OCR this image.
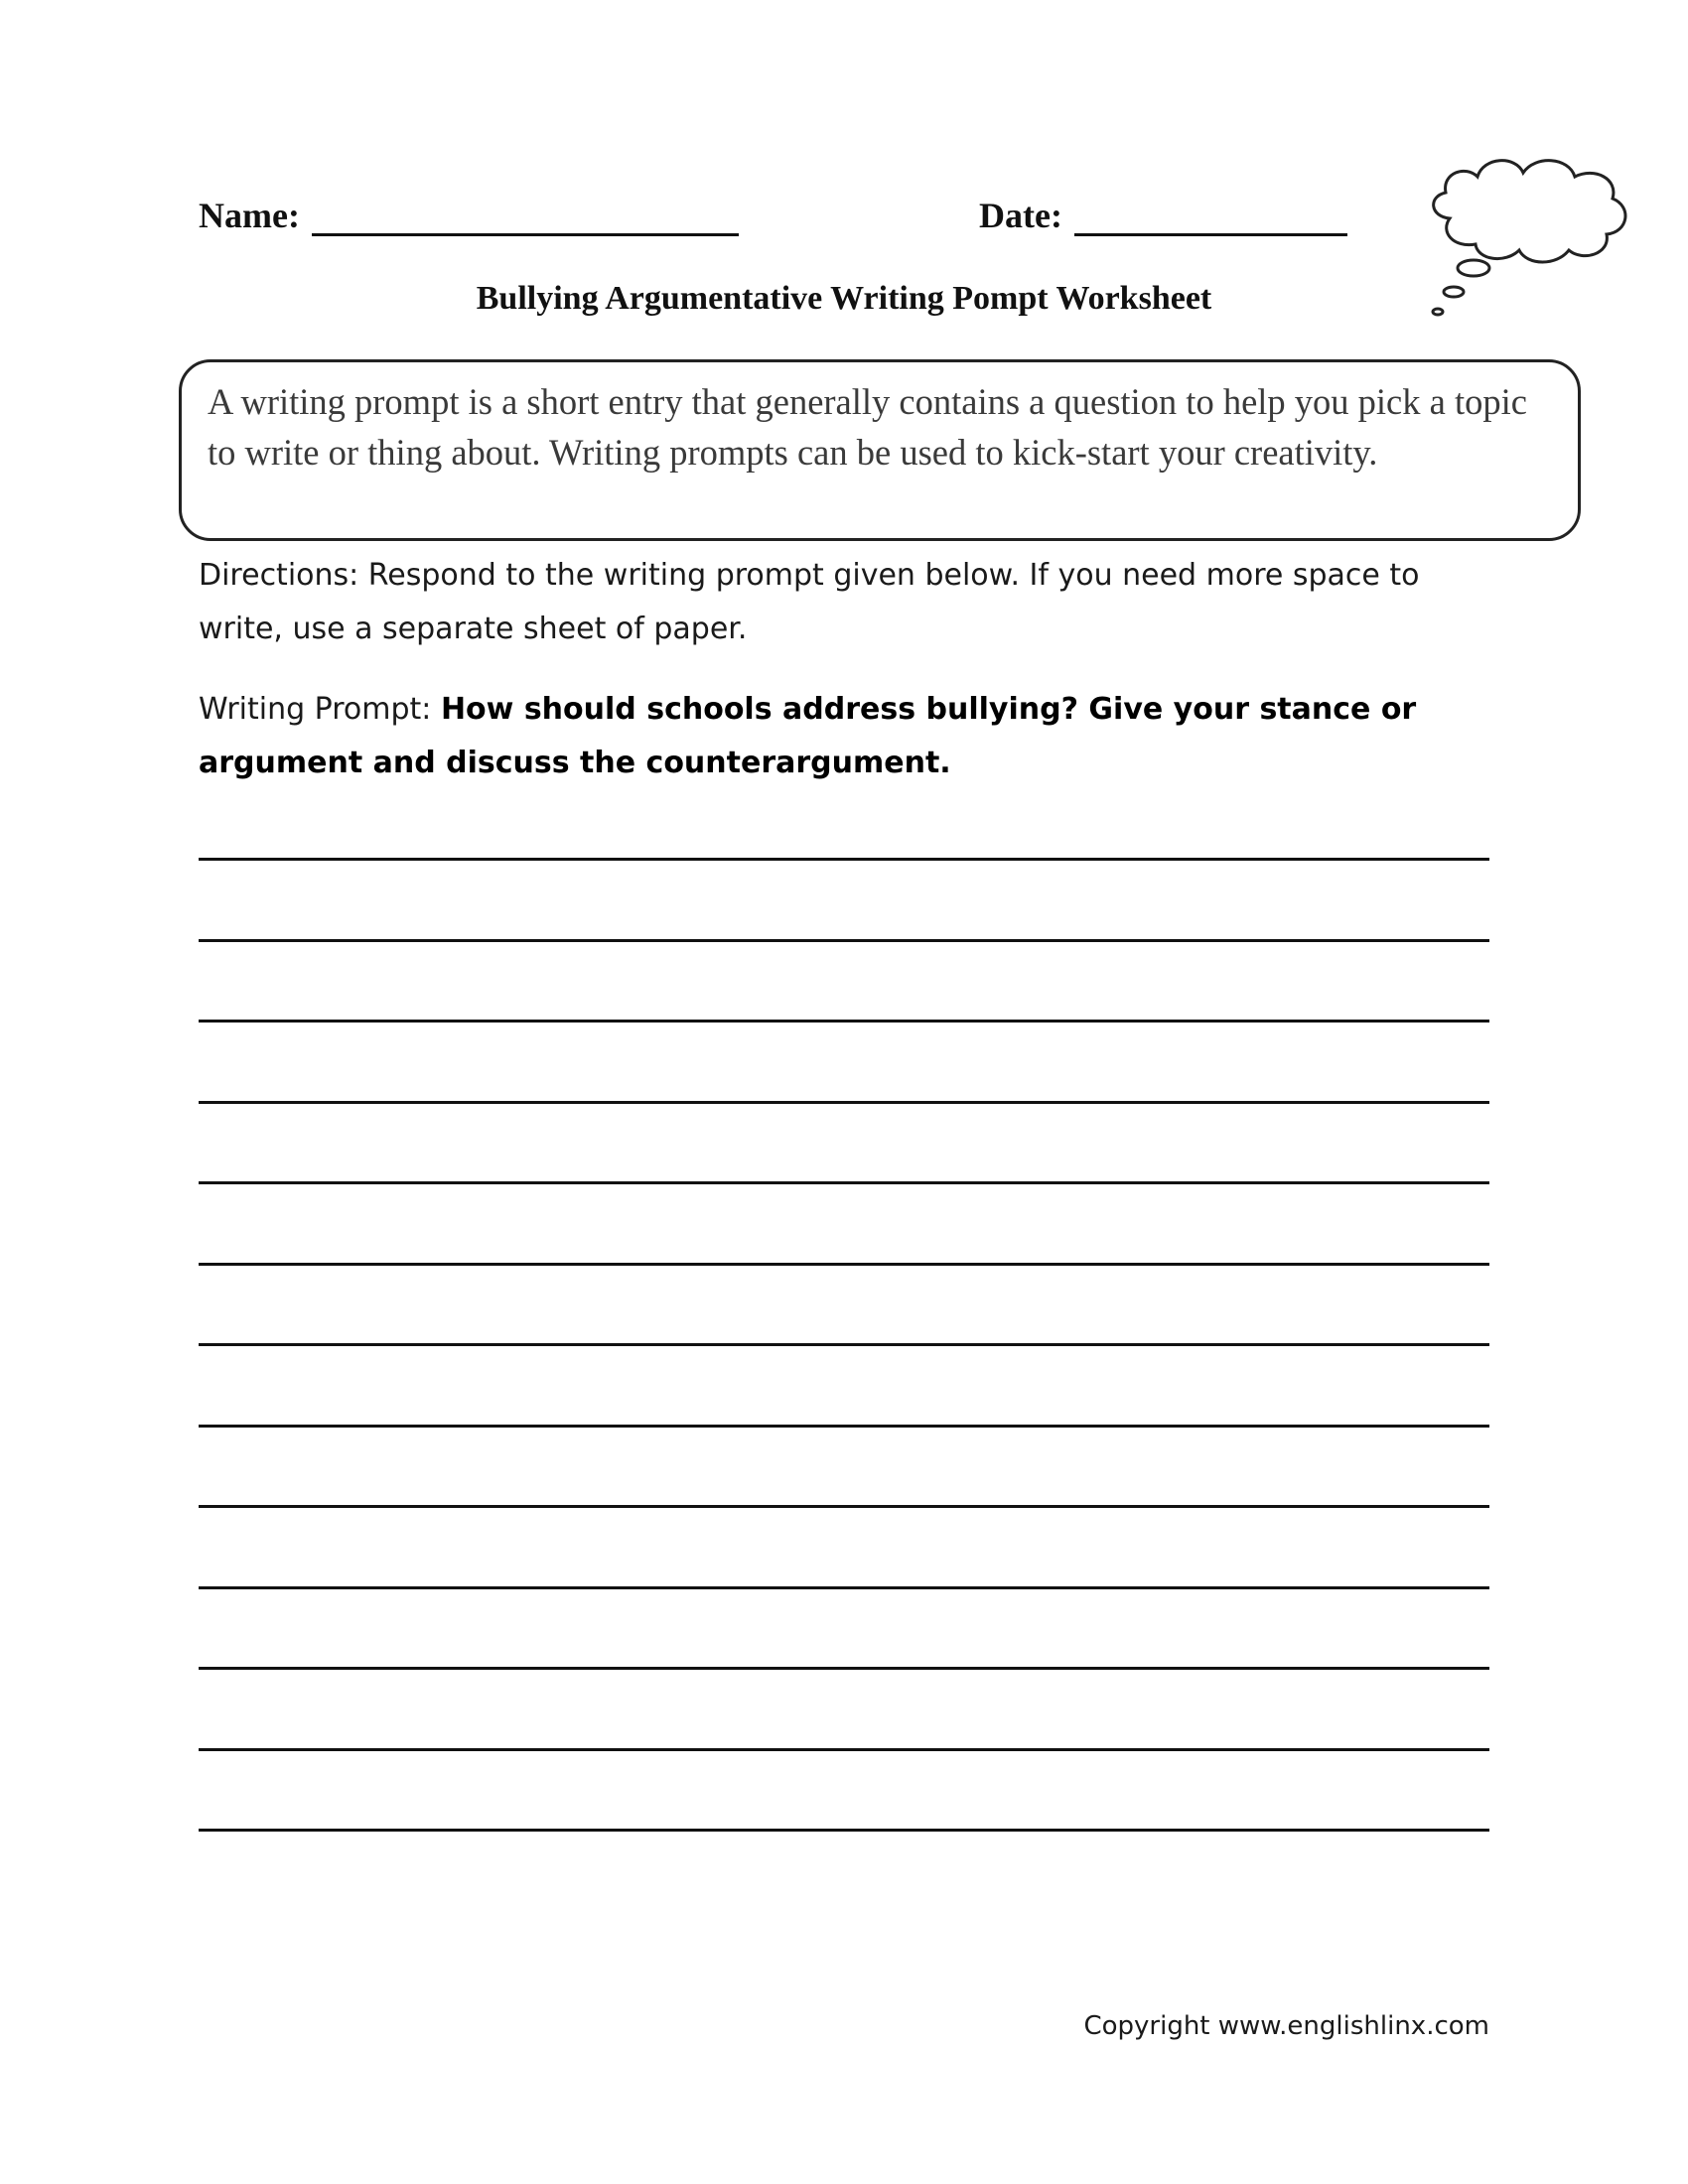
Name:	Date:
Bullying Argumentative Writing Pompt Worksheet
A writing prompt is a short entry that generally contains a question to help you pick a topic to write or thing about. Writing prompts can be used to kick-start your creativity.
Directions: Respond to the writing prompt given below. If you need more space to write, use a separate sheet of paper.
Writing Prompt: How should schools address bullying? Give your stance or argument and discuss the counterargument.
Copyright www.englishlinx.com
